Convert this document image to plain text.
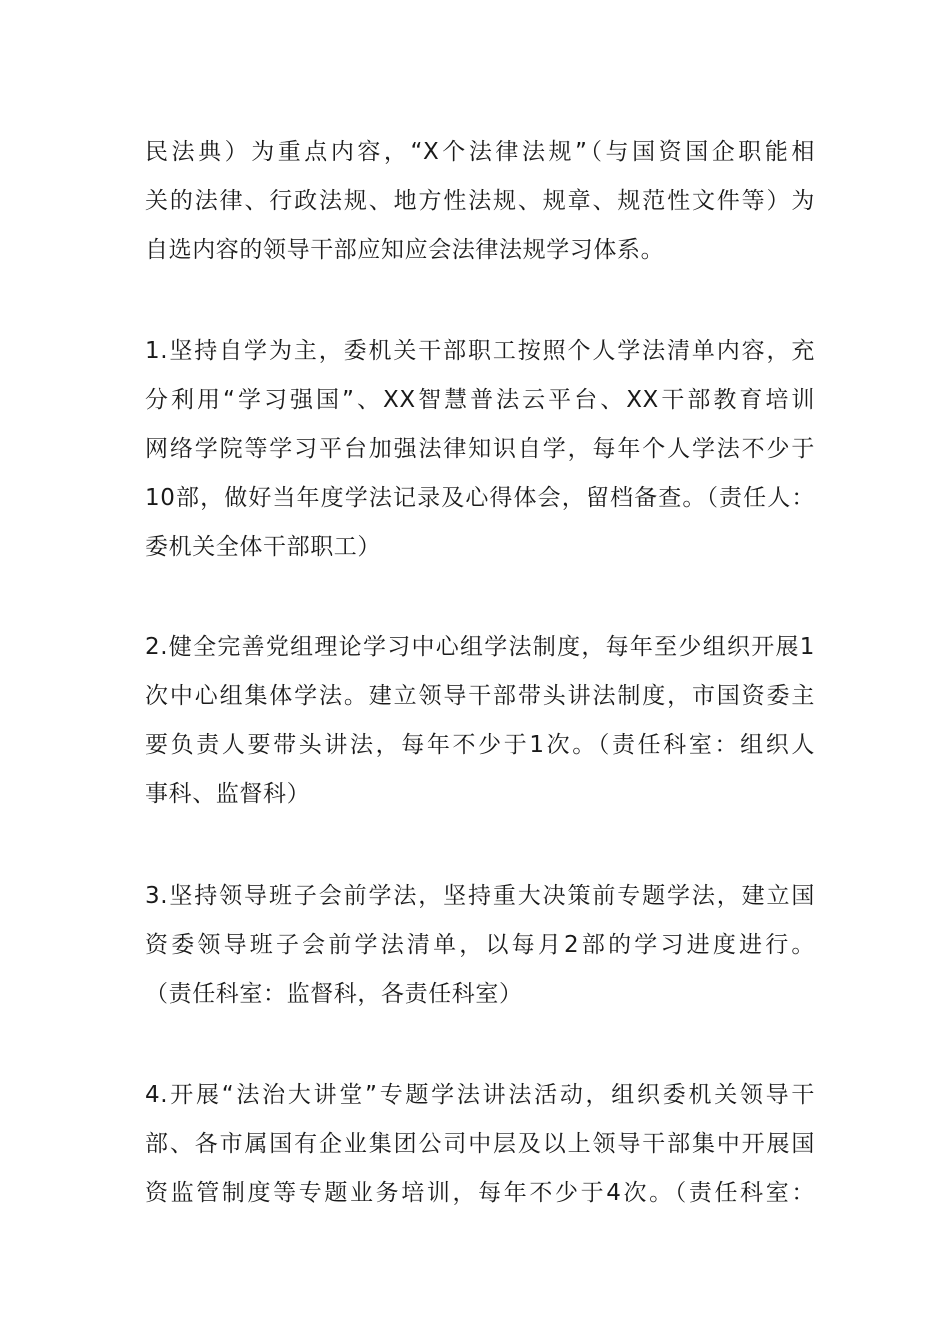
民法典）为重点内容，“X个法律法规”（与国资国企职能相
关的法律、行政法规、地方性法规、规章、规范性文件等）为
自选内容的领导干部应知应会法律法规学习体系。
1.坚持自学为主，委机关干部职工按照个人学法清单内容，充
分利用“学习强国”、XX智慧普法云平台、XX干部教育培训
网络学院等学习平台加强法律知识自学，每年个人学法不少于
10部，做好当年度学法记录及心得体会，留档备查。（责任人：
委机关全体干部职工）
2.健全完善党组理论学习中心组学法制度，每年至少组织开展1
次中心组集体学法。建立领导干部带头讲法制度，市国资委主
要负责人要带头讲法，每年不少于1次。（责任科室：组织人
事科、监督科）
3.坚持领导班子会前学法，坚持重大决策前专题学法，建立国
资委领导班子会前学法清单，以每月2部的学习进度进行。
（责任科室：监督科，各责任科室）
4.开展“法治大讲堂”专题学法讲法活动，组织委机关领导干
部、各市属国有企业集团公司中层及以上领导干部集中开展国
资监管制度等专题业务培训，每年不少于4次。（责任科室：
